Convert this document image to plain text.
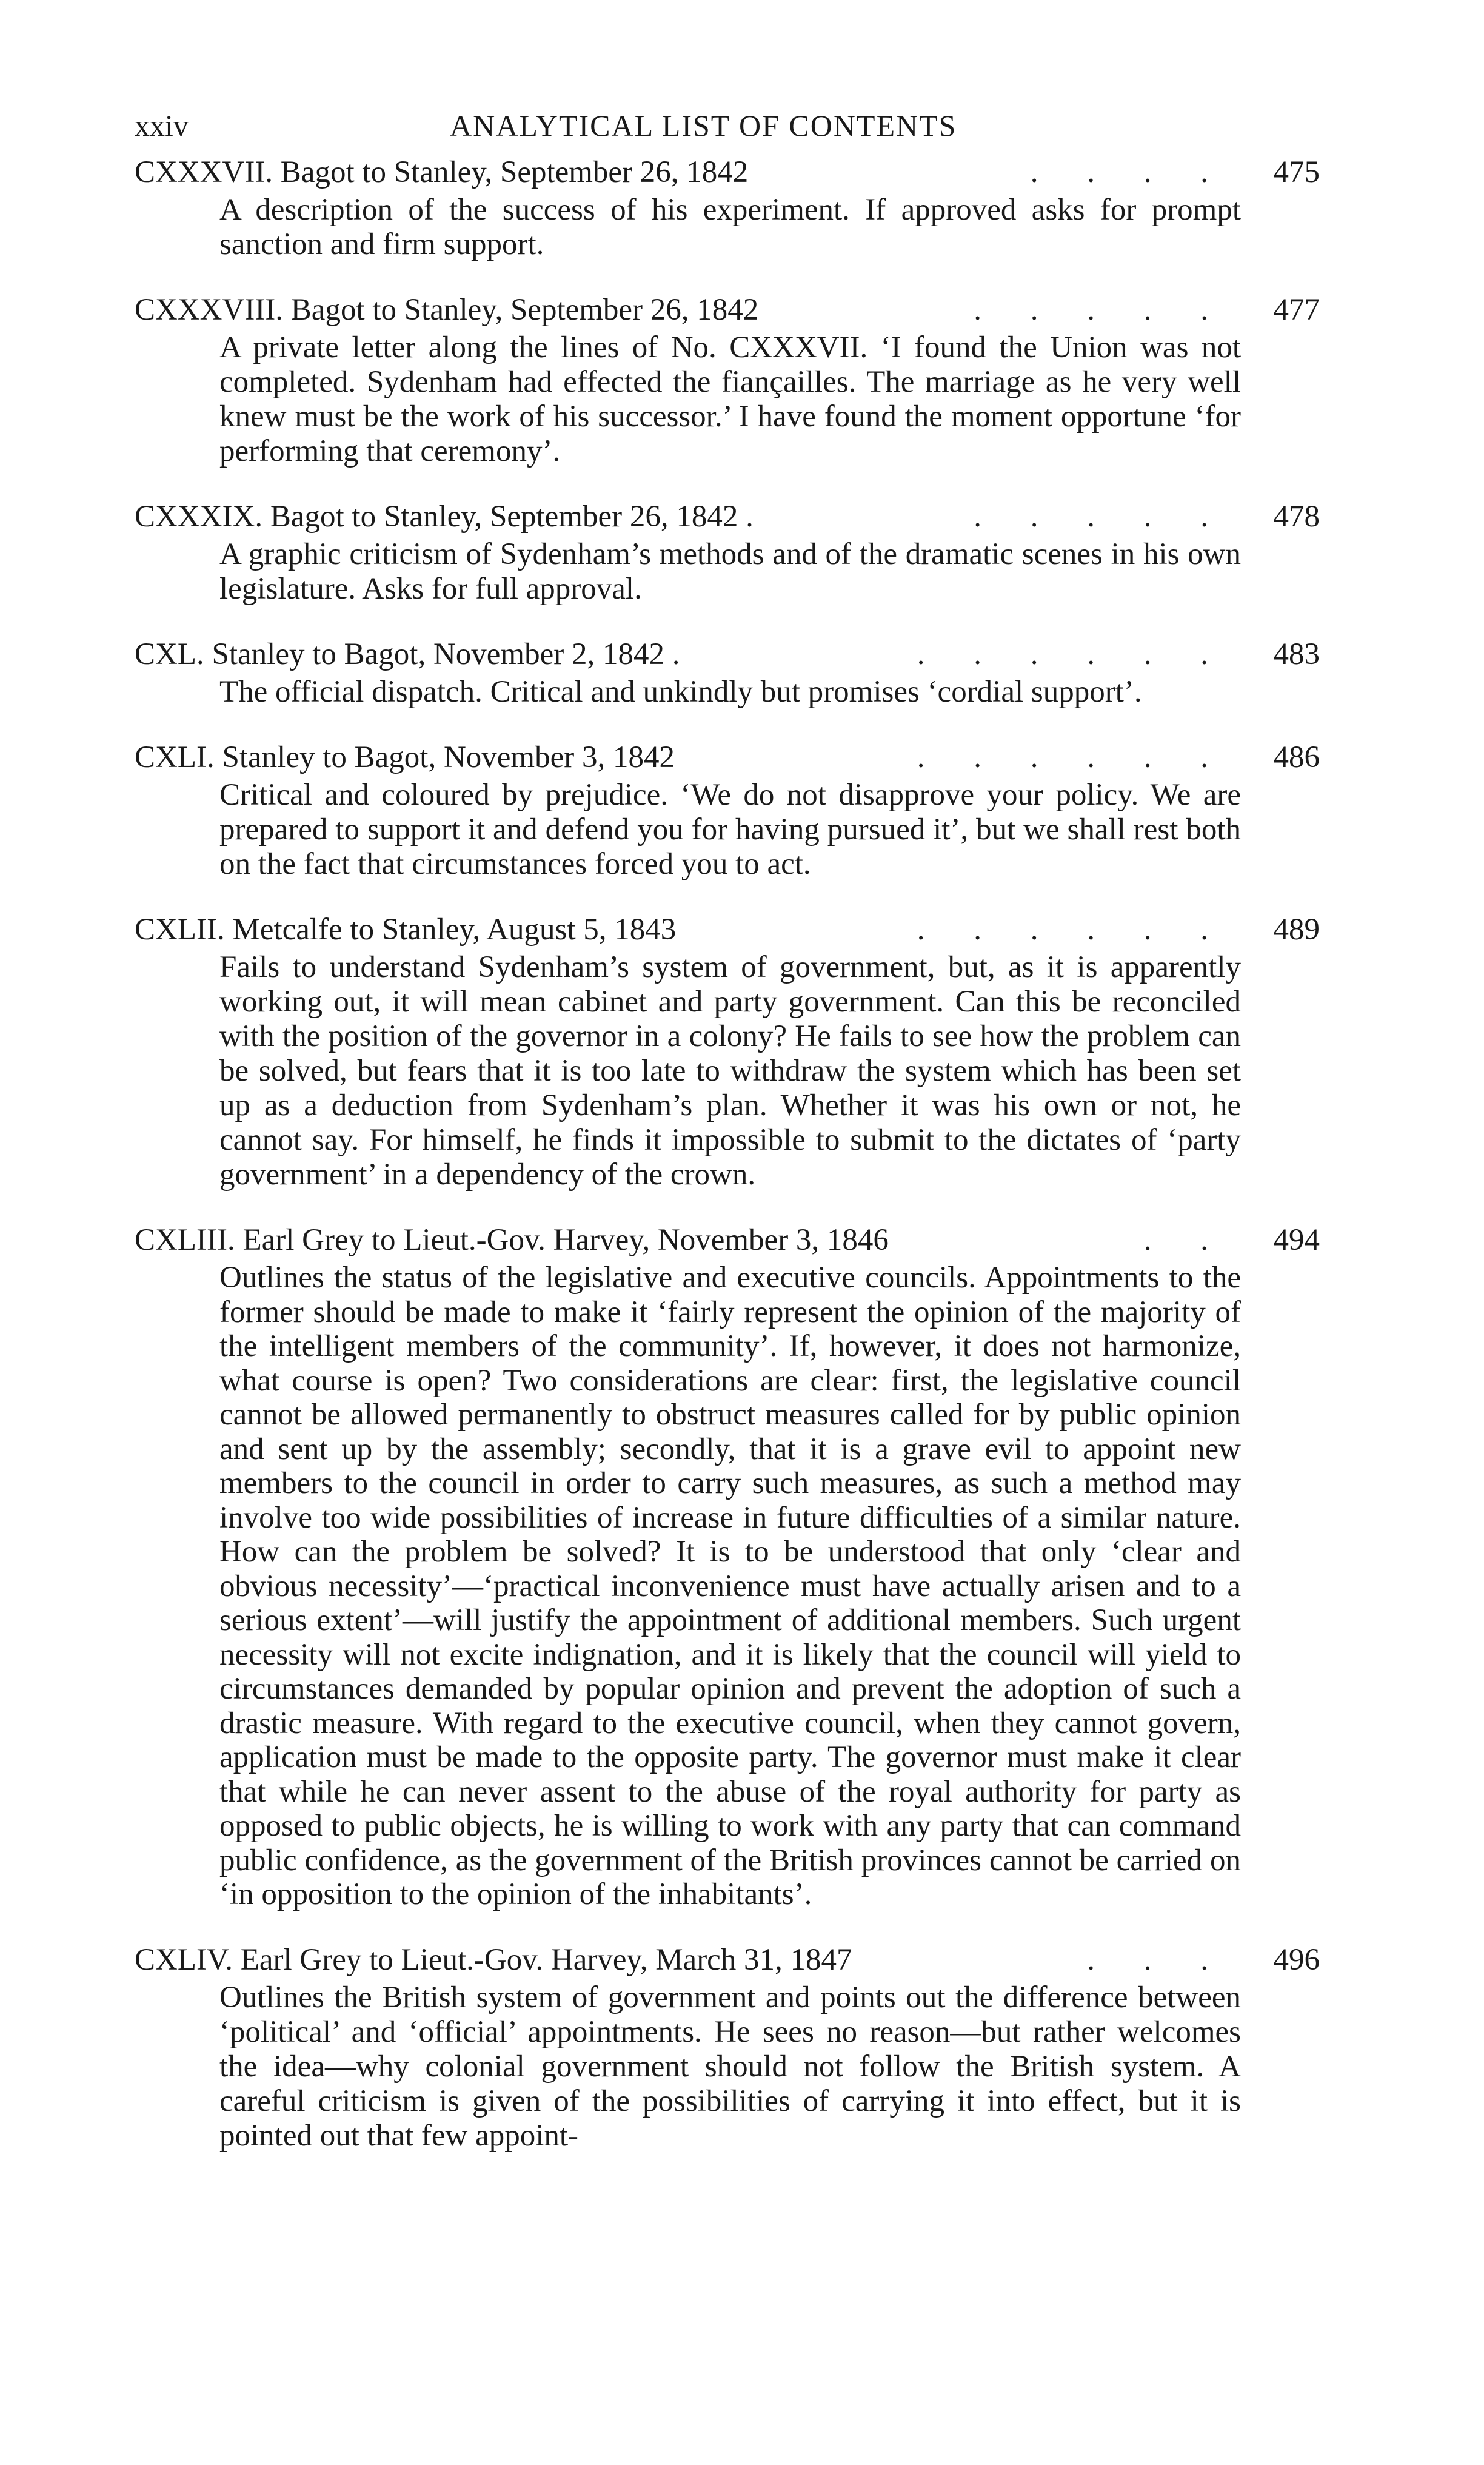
xxiv	ANALYTICAL LIST OF CONTENTS
CXXXVII. Bagot to Stanley, September 26, 1842	. . . . 475
A description of the success of his experiment. If approved asks for prompt sanction and firm support.
CXXXVIII. Bagot to Stanley, September 26, 1842	. . . . . 477
A private letter along the lines of No. CXXXVII. ‘I found the Union was not completed. Sydenham had effected the fiançailles. The marriage as he very well knew must be the work of his successor.’ I have found the moment opportune ‘for performing that ceremony’.
CXXXIX. Bagot to Stanley, September 26, 1842 .	. . . . . 478
A graphic criticism of Sydenham’s methods and of the dramatic scenes in his own legislature. Asks for full approval.
CXL. Stanley to Bagot, November 2, 1842 .	. . . . . . 483
The official dispatch. Critical and unkindly but promises ‘cordial support’.
CXLI. Stanley to Bagot, November 3, 1842	. . . . . . 486
Critical and coloured by prejudice. ‘We do not disapprove your policy. We are prepared to support it and defend you for having pursued it’, but we shall rest both on the fact that circumstances forced you to act.
CXLII. Metcalfe to Stanley, August 5, 1843	. . . . . . 489
Fails to understand Sydenham’s system of government, but, as it is apparently working out, it will mean cabinet and party government. Can this be reconciled with the position of the governor in a colony? He fails to see how the problem can be solved, but fears that it is too late to withdraw the system which has been set up as a deduction from Sydenham’s plan. Whether it was his own or not, he cannot say. For himself, he finds it impossible to submit to the dictates of ‘party government’ in a dependency of the crown.
CXLIII. Earl Grey to Lieut.-Gov. Harvey, November 3, 1846	. . 494
Outlines the status of the legislative and executive councils. Appointments to the former should be made to make it ‘fairly represent the opinion of the majority of the intelligent members of the community’. If, however, it does not harmonize, what course is open? Two considerations are clear: first, the legislative council cannot be allowed permanently to obstruct measures called for by public opinion and sent up by the assembly; secondly, that it is a grave evil to appoint new members to the council in order to carry such measures, as such a method may involve too wide possibilities of increase in future difficulties of a similar nature. How can the problem be solved? It is to be understood that only ‘clear and obvious necessity’—‘practical inconvenience must have actually arisen and to a serious extent’—will justify the appointment of additional members. Such urgent necessity will not excite indignation, and it is likely that the council will yield to circumstances demanded by popular opinion and prevent the adoption of such a drastic measure. With regard to the executive council, when they cannot govern, application must be made to the opposite party. The governor must make it clear that while he can never assent to the abuse of the royal authority for party as opposed to public objects, he is willing to work with any party that can command public confidence, as the government of the British provinces cannot be carried on ‘in opposition to the opinion of the inhabitants’.
CXLIV. Earl Grey to Lieut.-Gov. Harvey, March 31, 1847	. . . 496
Outlines the British system of government and points out the difference between ‘political’ and ‘official’ appointments. He sees no reason—but rather welcomes the idea—why colonial government should not follow the British system. A careful criticism is given of the possibilities of carrying it into effect, but it is pointed out that few appoint-
